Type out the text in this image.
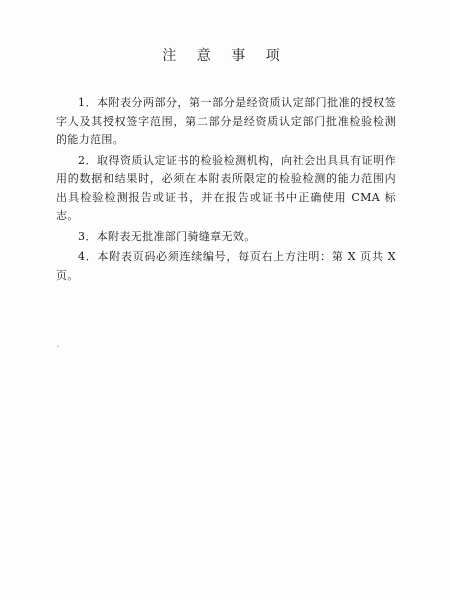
注 意 事 项

1．本附表分两部分，第一部分是经资质认定部门批准的授权签字人及其授权签字范围，第二部分是经资质认定部门批准检验检测的能力范围。

2．取得资质认定证书的检验检测机构，向社会出具具有证明作用的数据和结果时，必须在本附表所限定的检验检测的能力范围内出具检验检测报告或证书，并在报告或证书中正确使用 CMA 标志。

3．本附表无批准部门骑缝章无效。

4．本附表页码必须连续编号，每页右上方注明：第 X 页共 X 页。
